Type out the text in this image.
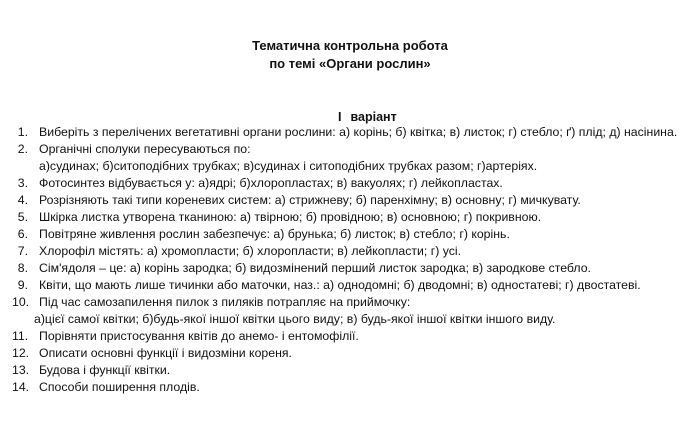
Тематична контрольна робота
по темі «Органи рослин»
I варіант
1. Виберіть з перелічених вегетативні органи рослини: а) корінь; б) квітка; в) листок; г) стебло; ґ) плід; д) насінина.
2. Органічні сполуки пересуваються по:
а)судинах; б)ситоподібних трубках; в)судинах і ситоподібних трубках разом; г)артеріях.
3. Фотосинтез відбувається у: а)ядрі; б)хлоропластах; в) вакуолях; г) лейкопластах.
4. Розрізняють такі типи кореневих систем: а) стрижневу; б) паренхімну; в) основну; г) мичкувату.
5. Шкірка листка утворена тканиною: а) твірною; б) провідною; в) основною; г) покривною.
6. Повітряне живлення рослин забезпечує: а) брунька; б) листок; в) стебло; г) корінь.
7. Хлорофіл містять: а) хромопласти; б) хлоропласти; в) лейкопласти; г) усі.
8. Сім'ядоля – це: а) корінь зародка; б) видозмінений перший листок зародка; в) зародкове стебло.
9. Квіти, що мають лише тичинки або маточки, наз.: а) однодомні; б) дводомні; в) одностатеві; г) двостатеві.
10. Під час самозапилення пилок з пиляків потрапляє на приймочку:
а)цієї самої квітки; б)будь-якої іншої квітки цього виду; в) будь-якої іншої квітки іншого виду.
11. Порівняти пристосування квітів до анемо- і ентомофілії.
12. Описати основні функції і видозміни кореня.
13. Будова і функції квітки.
14. Способи поширення плодів.
